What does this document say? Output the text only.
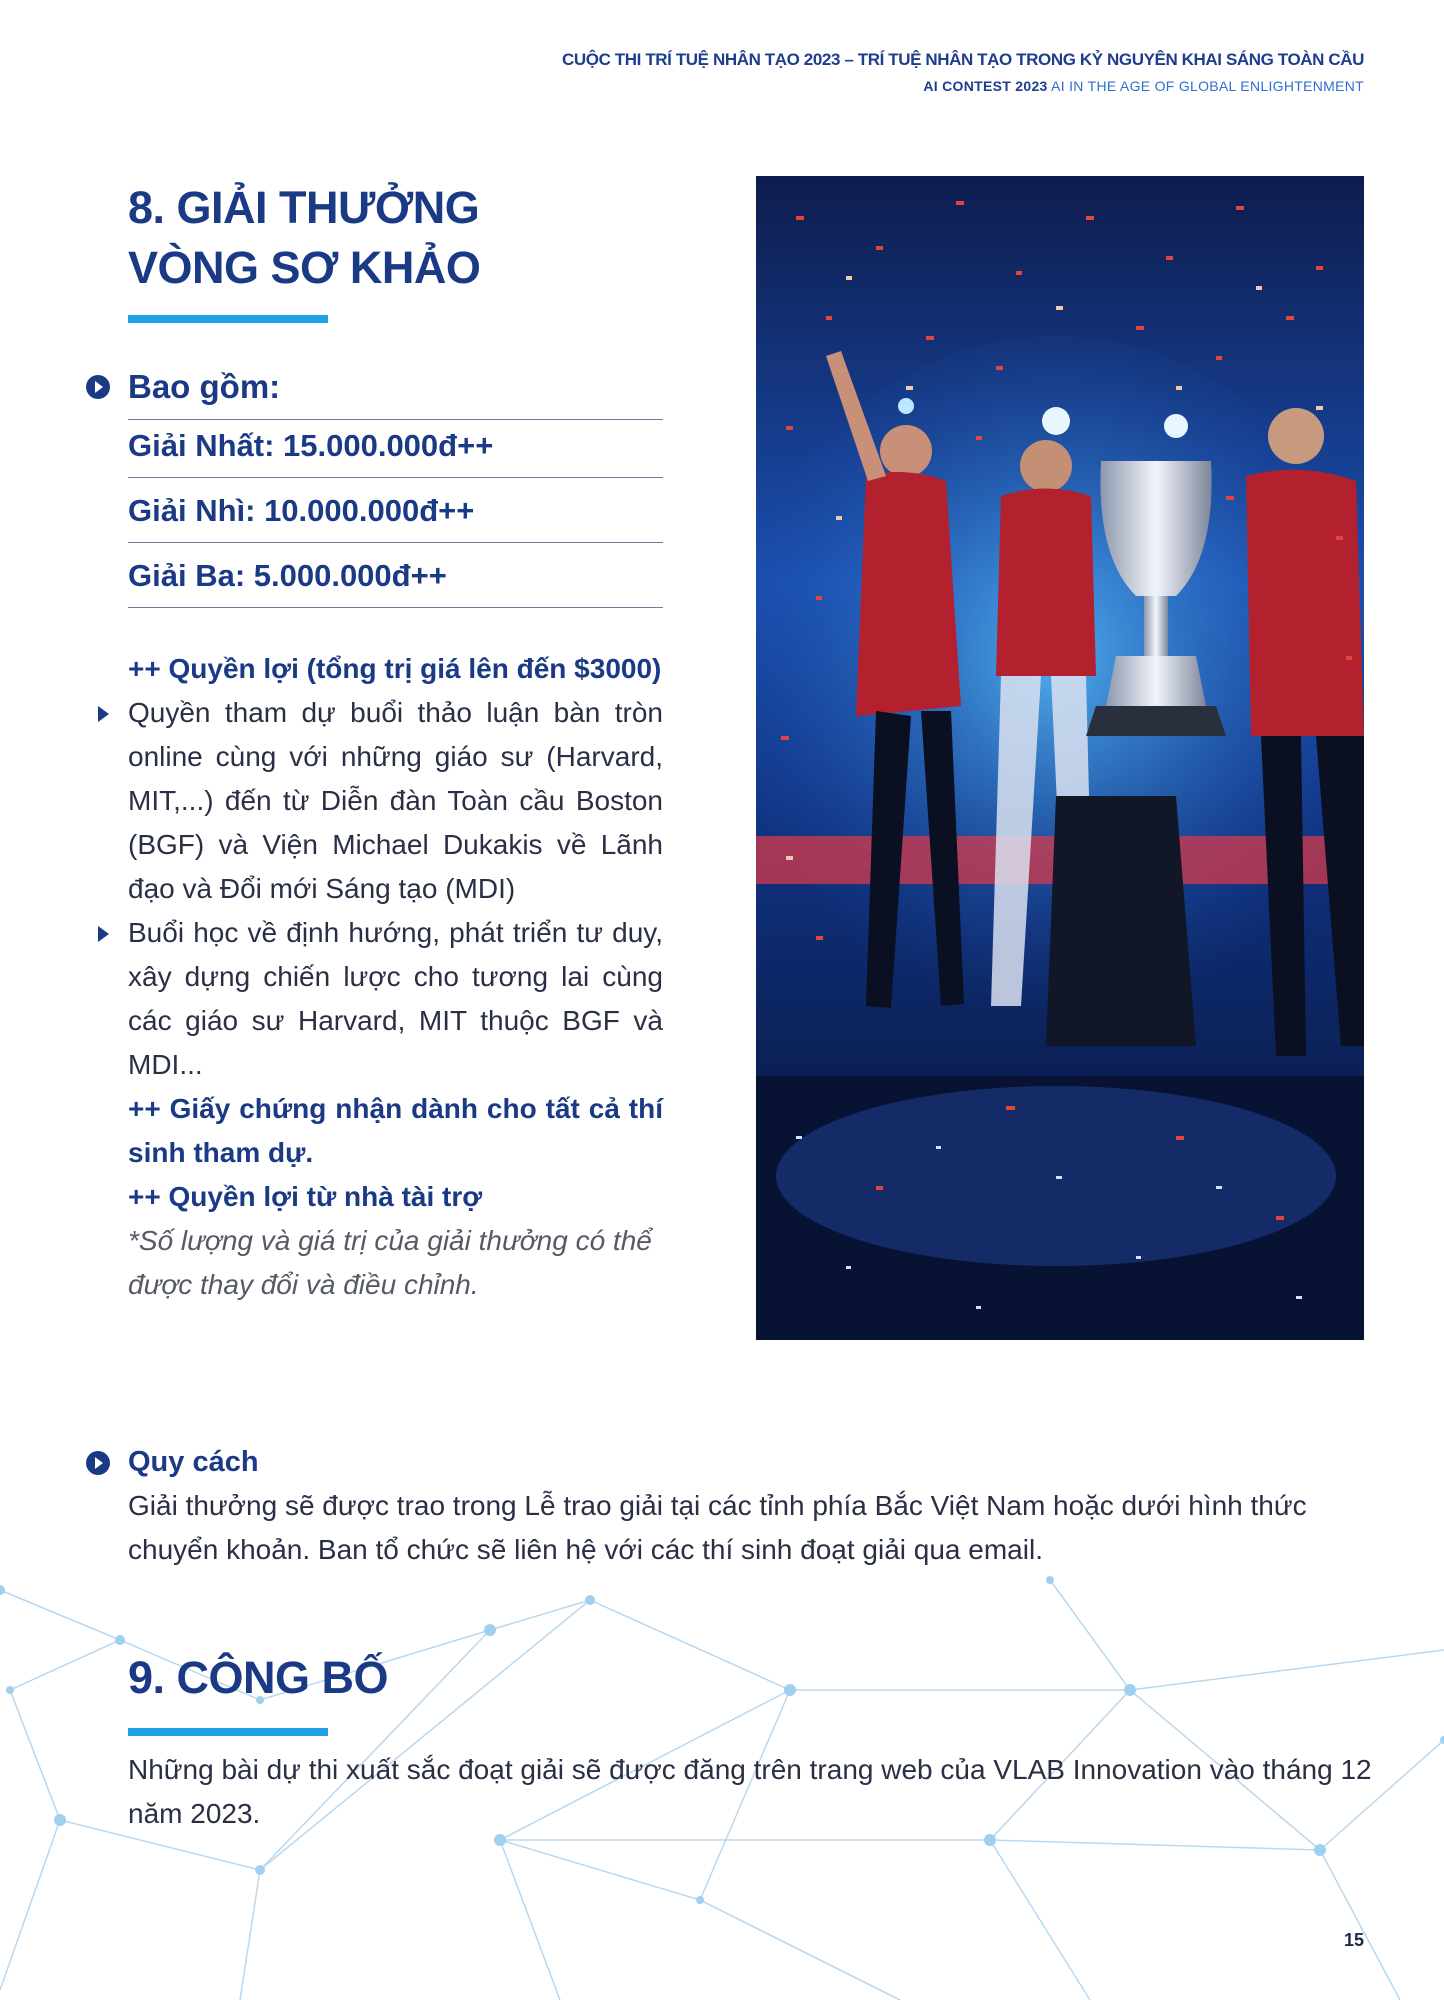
CUỘC THI TRÍ TUỆ NHÂN TẠO 2023 – TRÍ TUỆ NHÂN TẠO TRONG KỶ NGUYÊN KHAI SÁNG TOÀN CẦU
AI CONTEST 2023 AI IN THE AGE OF GLOBAL ENLIGHTENMENT
8. GIẢI THƯỞNG
VÒNG SƠ KHẢO
Bao gồm:
Giải Nhất: 15.000.000đ++
Giải Nhì: 10.000.000đ++
Giải Ba: 5.000.000đ++
++ Quyền lợi (tổng trị giá lên đến $3000)
Quyền tham dự buổi thảo luận bàn tròn online cùng với những giáo sư (Harvard, MIT,...) đến từ Diễn đàn Toàn cầu Boston (BGF) và Viện Michael Dukakis về Lãnh đạo và Đổi mới Sáng tạo (MDI)
Buổi học về định hướng, phát triển tư duy, xây dựng chiến lược cho tương lai cùng các giáo sư Harvard, MIT thuộc BGF và MDI...
++ Giấy chứng nhận dành cho tất cả thí sinh tham dự.
++ Quyền lợi từ nhà tài trợ
*Số lượng và giá trị của giải thưởng có thể được thay đổi và điều chỉnh.
Quy cách
Giải thưởng sẽ được trao trong Lễ trao giải tại các tỉnh phía Bắc Việt Nam hoặc dưới hình thức chuyển khoản. Ban tổ chức sẽ liên hệ với các thí sinh đoạt giải qua email.
9. CÔNG BỐ
Những bài dự thi xuất sắc đoạt giải sẽ được đăng trên trang web của VLAB Innovation vào tháng 12 năm 2023.
15
